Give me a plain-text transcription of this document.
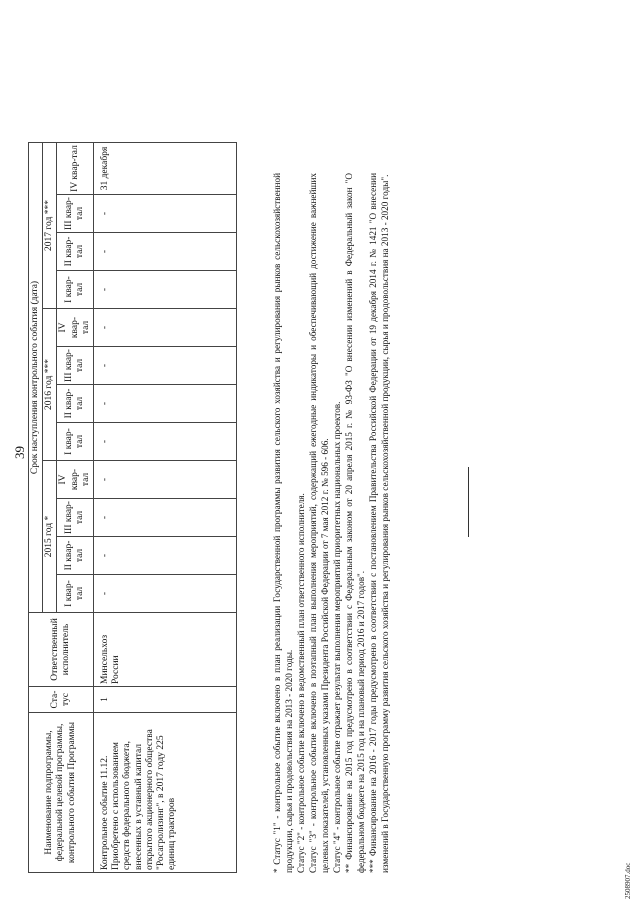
39
Наименование подпрограммы, федеральной целевой программы, контрольного события Программы	Ста-тус	Ответственный исполнитель	Срок наступления контрольного события (дата)											
			2015 год *				2016 год ***				2017 год ***			
			I квар-тал	II квар-тал	III квар-тал	IV квар-тал	I квар-тал	II квар-тал	III квар-тал	IV квар-тал	I квар-тал	II квар-тал	III квар-тал	IV квар-тал
Контрольное событие 11.12. Приобретено с использованием средств федерального бюджета, внесенных в уставный капитал открытого акционерного общества "Росагролизинг", в 2017 году 225 единиц тракторов	1	Минсельхоз России	-	-	-	-	-	-	-	-	-	-	-	31 декабря

* Статус "1" - контрольное событие включено в план реализации Государственной программы развития сельского хозяйства и регулирования рынков сельскохозяйственной продукции, сырья и продовольствия на 2013 - 2020 годы. Статус "2" - контрольное событие включено в ведомственный план ответственного исполнителя. Статус "3" - контрольное событие включено в поэтапный план выполнения мероприятий, содержащий ежегодные индикаторы и обеспечивающий достижение важнейших целевых показателей, установленных указами Президента Российской Федерации от 7 мая 2012 г. № 596 - 606. Статус "4" - контрольное событие отражает результат выполнения мероприятий приоритетных национальных проектов. ** Финансирование на 2015 год предусмотрено в соответствии с Федеральным законом от 20 апреля 2015 г. № 93-ФЗ "О внесении изменений в Федеральный закон "О федеральном бюджете на 2015 год и на плановый период 2016 и 2017 годов". *** Финансирование на 2016 - 2017 годы предусмотрено в соответствии с постановлением Правительства Российской Федерации от 19 декабря 2014 г. № 1421 "О внесении изменений в Государственную программу развития сельского хозяйства и регулирования рынков сельскохозяйственной продукции, сырья и продовольствия на 2013 - 2020 годы".

2508907.doc
